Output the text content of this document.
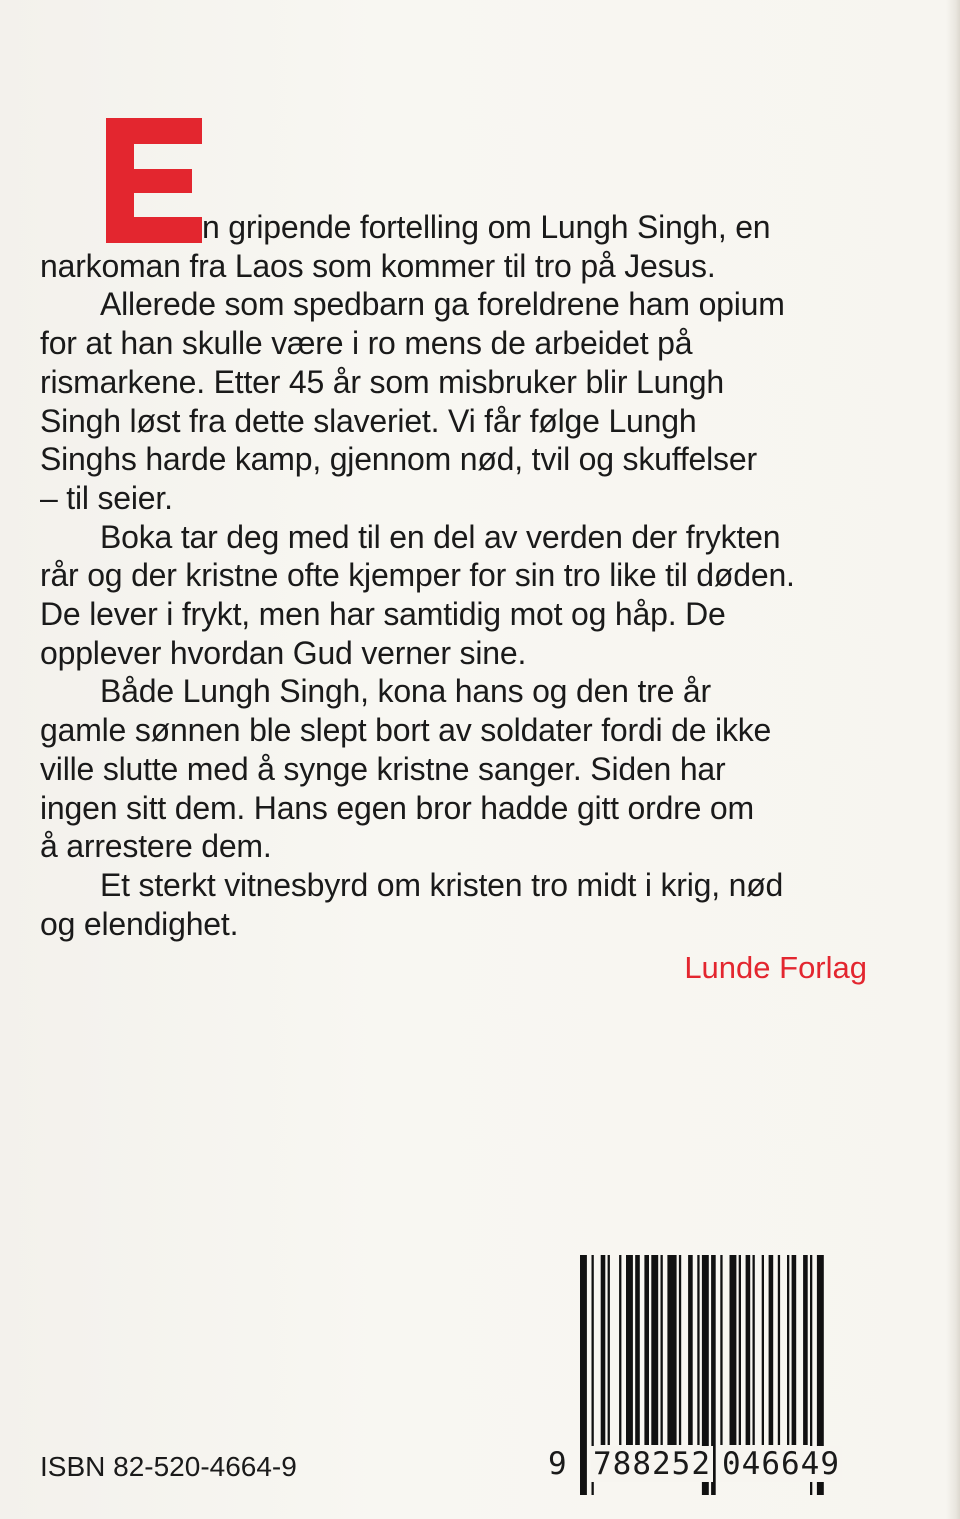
n gripende fortelling om Lungh Singh, en
narkoman fra Laos som kommer til tro på Jesus.

Allerede som spedbarn ga foreldrene ham opium
for at han skulle være i ro mens de arbeidet på
rismarkene. Etter 45 år som misbruker blir Lungh
Singh løst fra dette slaveriet. Vi får følge Lungh
Singhs harde kamp, gjennom nød, tvil og skuffelser
– til seier.

Boka tar deg med til en del av verden der frykten
rår og der kristne ofte kjemper for sin tro like til døden.
De lever i frykt, men har samtidig mot og håp. De
opplever hvordan Gud verner sine.

Både Lungh Singh, kona hans og den tre år
gamle sønnen ble slept bort av soldater fordi de ikke
ville slutte med å synge kristne sanger. Siden har
ingen sitt dem. Hans egen bror hadde gitt ordre om
å arrestere dem.

Et sterkt vitnesbyrd om kristen tro midt i krig, nød
og elendighet.

Lunde Forlag
ISBN 82-520-4664-9	9 788252 046649
